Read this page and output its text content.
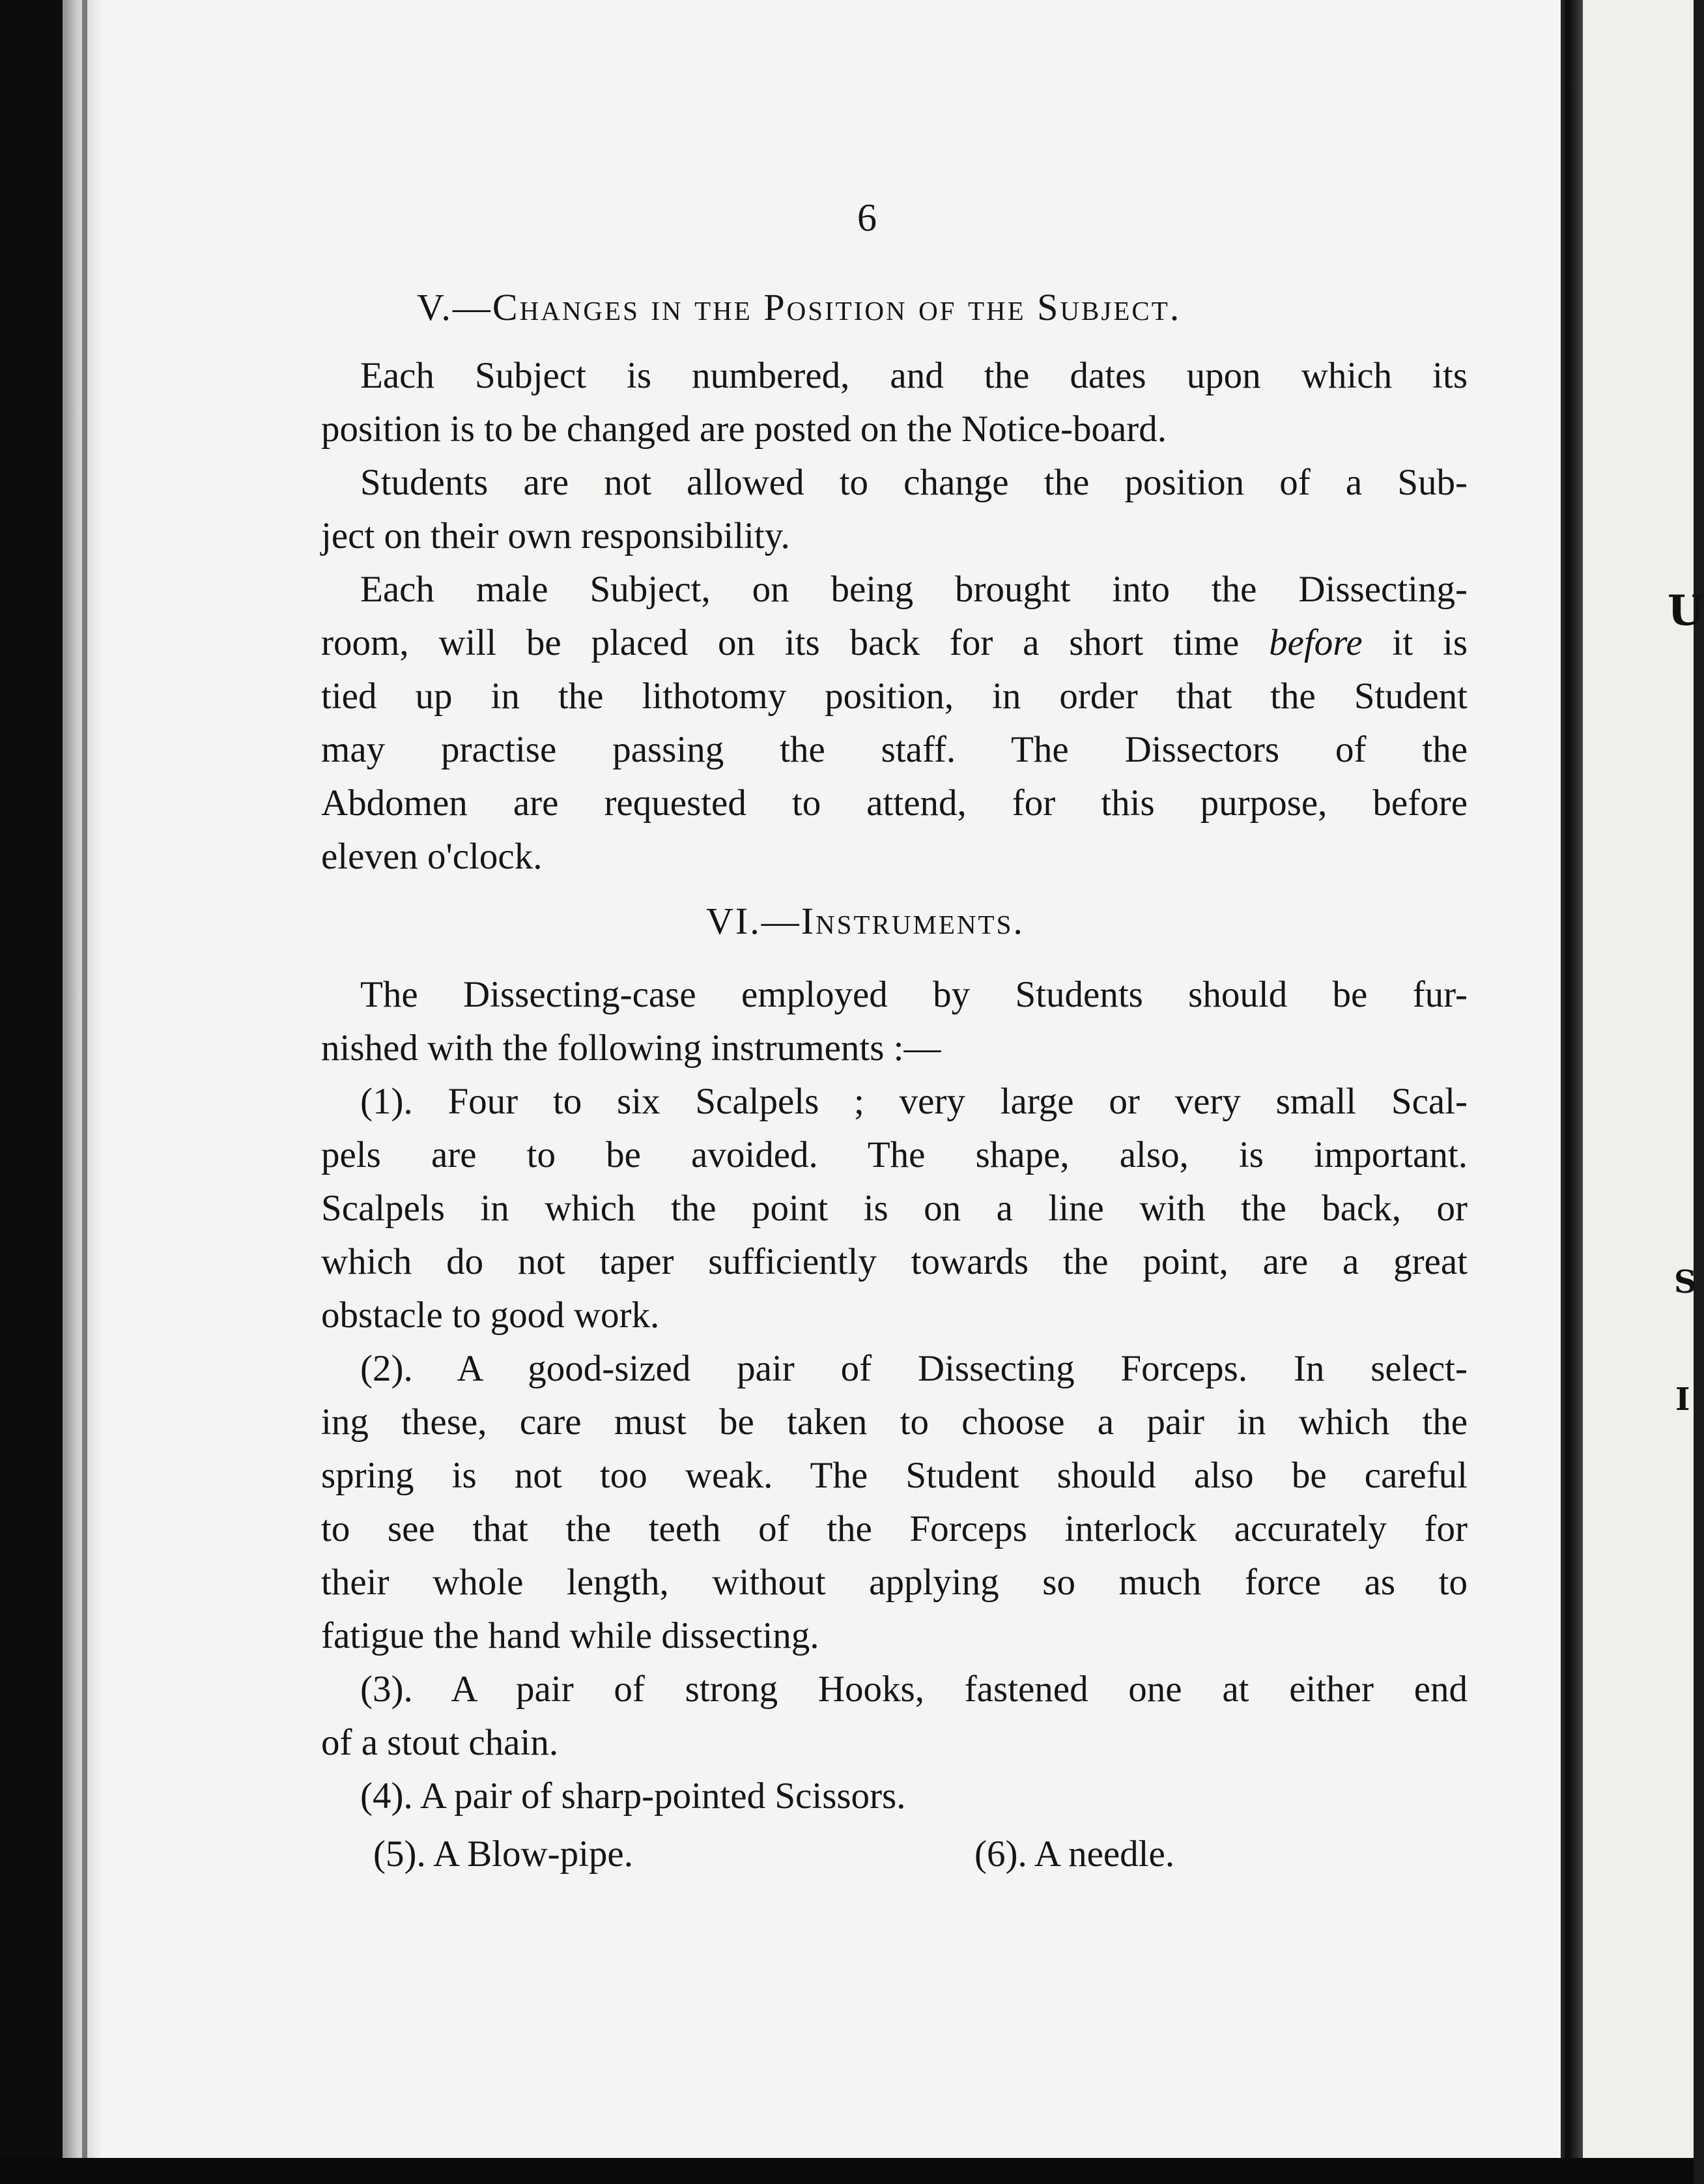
U
S
I
6
V.—Changes in the Position of the Subject.
Each Subject is numbered, and the dates upon which its
position is to be changed are posted on the Notice-board.
Students are not allowed to change the position of a Sub-
ject on their own responsibility.
Each male Subject, on being brought into the Dissecting-
room, will be placed on its back for a short time before it is
tied up in the lithotomy position, in order that the Student
may practise passing the staff. The Dissectors of the
Abdomen are requested to attend, for this purpose, before
eleven o'clock.
VI.—Instruments.
The Dissecting-case employed by Students should be fur-
nished with the following instruments :—
(1). Four to six Scalpels ; very large or very small Scal-
pels are to be avoided. The shape, also, is important.
Scalpels in which the point is on a line with the back, or
which do not taper sufficiently towards the point, are a great
obstacle to good work.
(2). A good-sized pair of Dissecting Forceps. In select-
ing these, care must be taken to choose a pair in which the
spring is not too weak. The Student should also be careful
to see that the teeth of the Forceps interlock accurately for
their whole length, without applying so much force as to
fatigue the hand while dissecting.
(3). A pair of strong Hooks, fastened one at either end
of a stout chain.
(4). A pair of sharp-pointed Scissors.
(5). A Blow-pipe.	(6). A needle.
